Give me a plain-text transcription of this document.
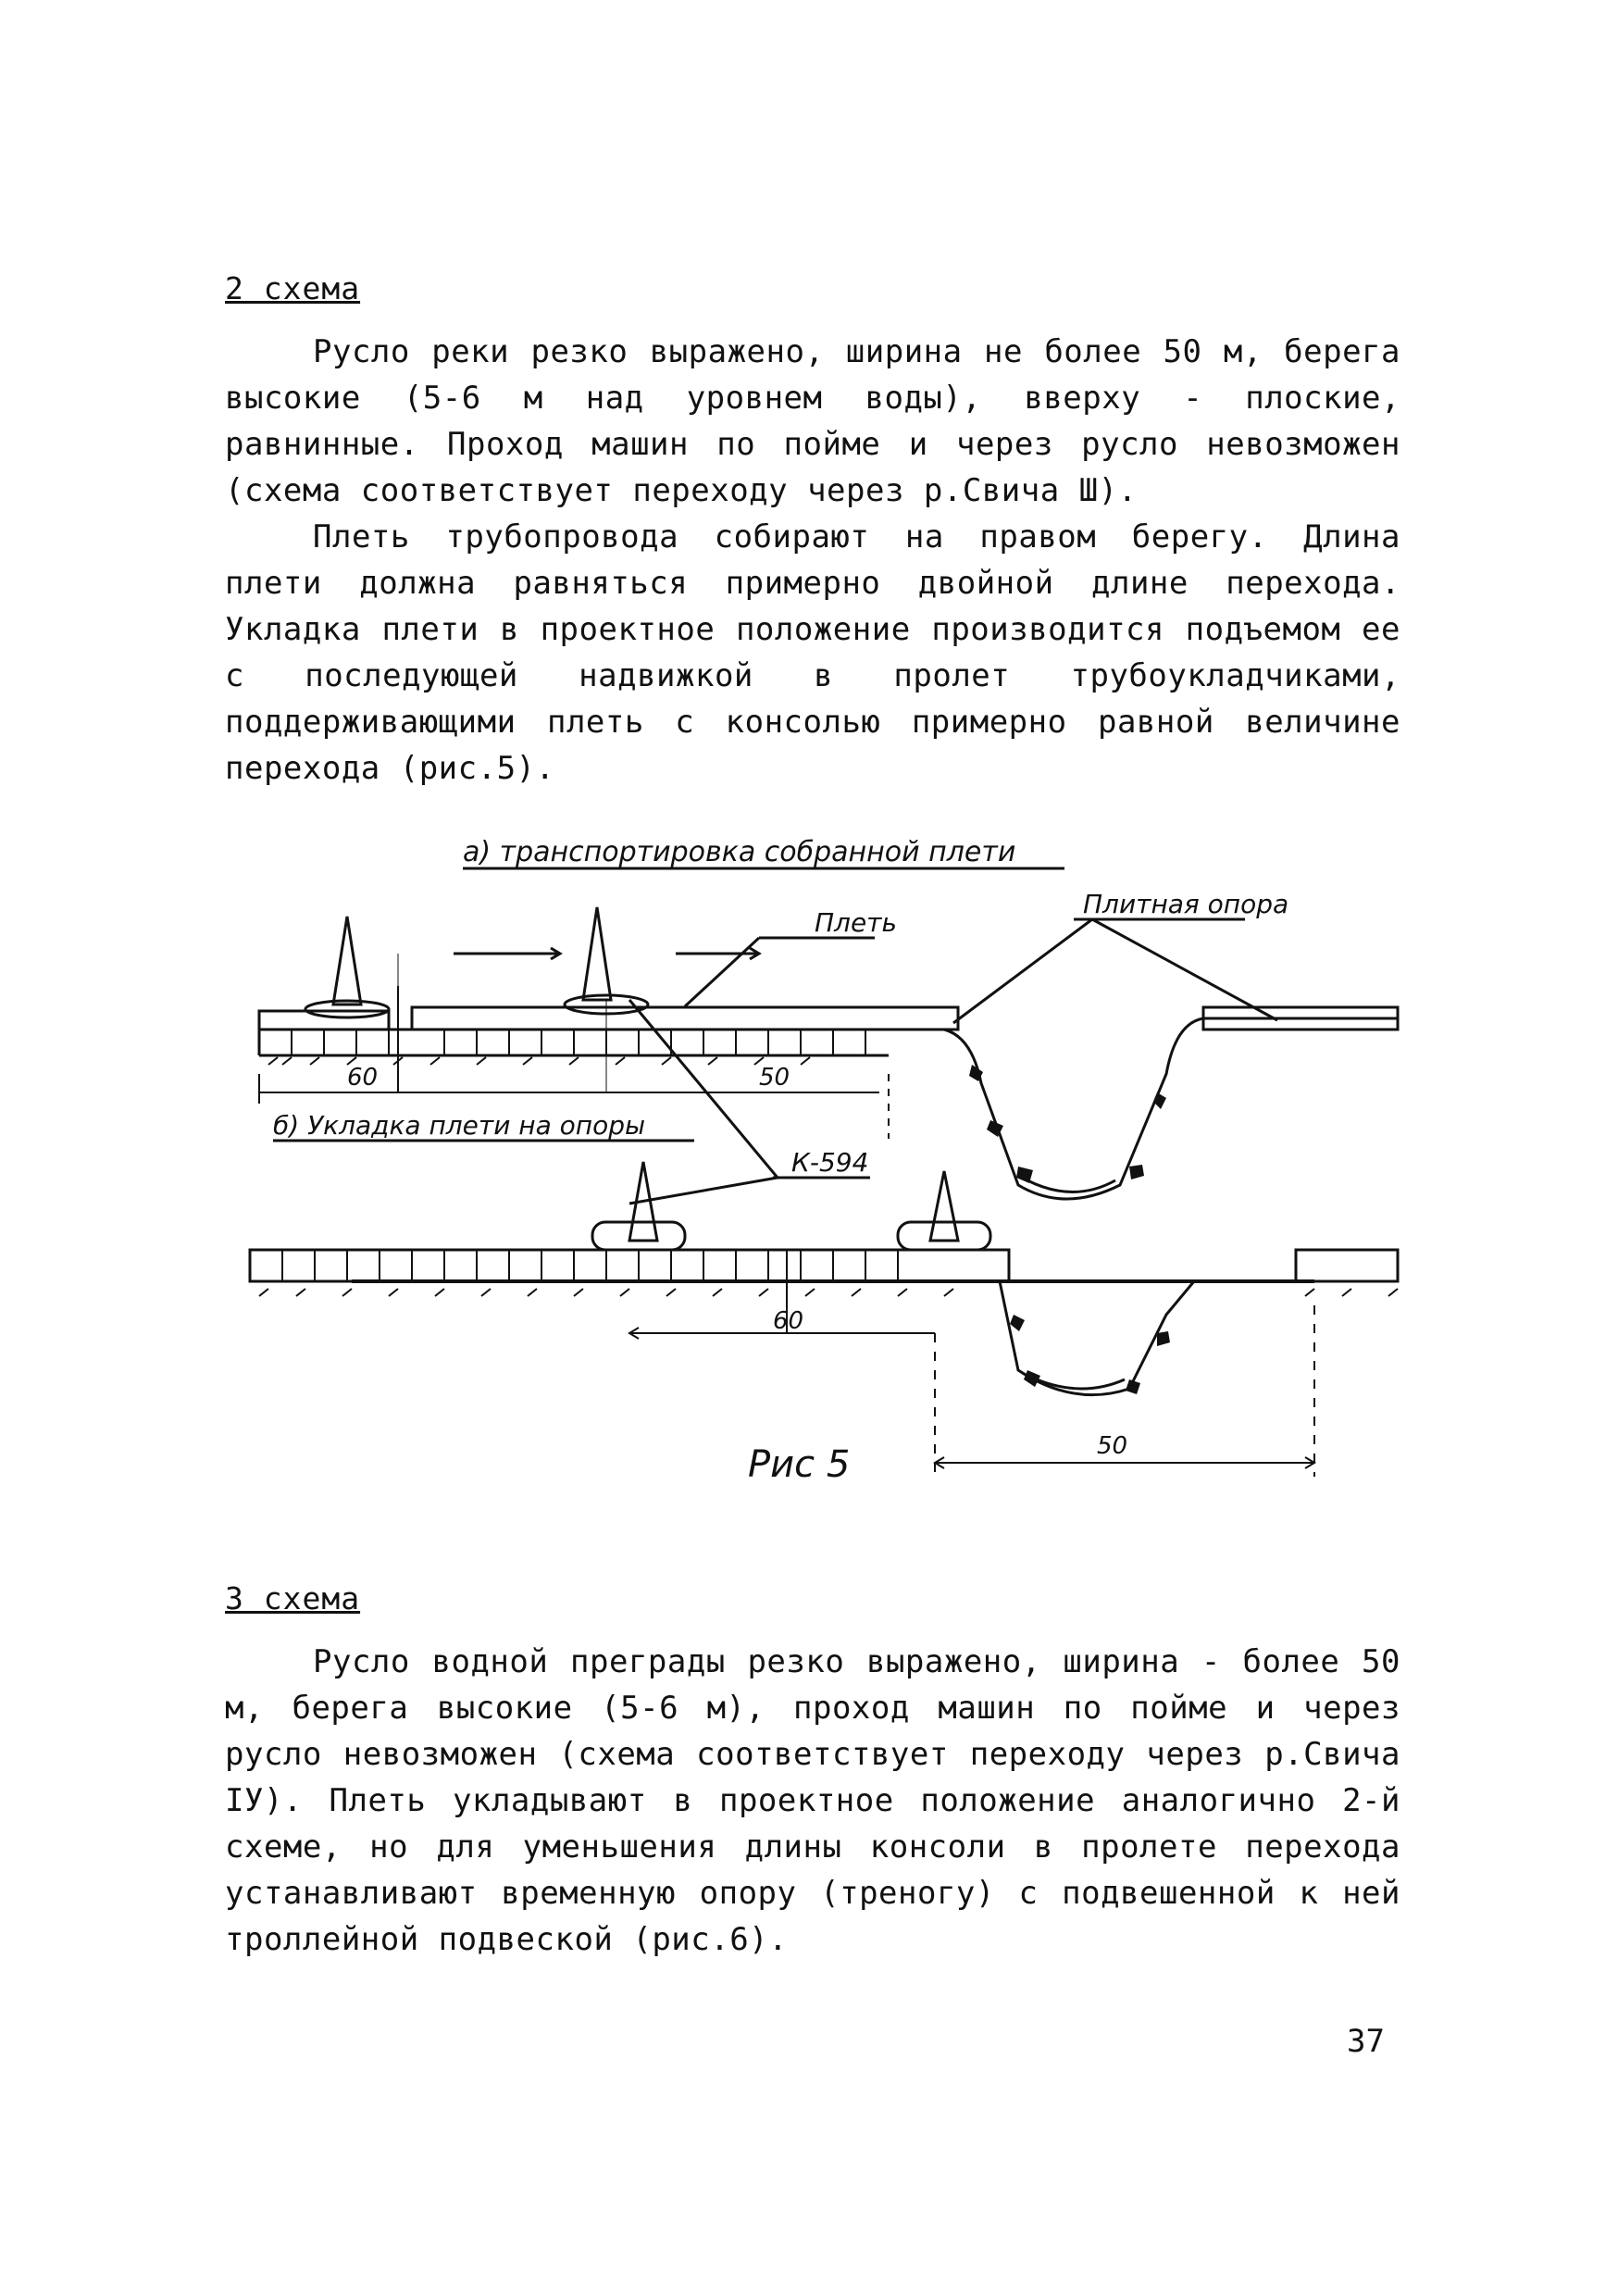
2 схема
Русло реки резко выражено, ширина не более 50 м, берега высокие (5-6 м над уровнем воды), вверху - плоские, равнинные. Проход машин по пойме и через русло невозможен (схема соответствует переходу через р.Свича Ш).
Плеть трубопровода собирают на правом берегу. Длина плети должна равняться примерно двойной длине перехода. Укладка плети в проектное положение производится подъемом ее с последующей надвижкой в пролет трубоукладчиками, поддерживающими плеть с консолью примерно равной величине перехода (рис.5).
а) транспортировка собранной плети
Плеть
Плитная опора
60	50
б) Укладка плети на опоры
К-594
60
50
Рис 5
3 схема
Русло водной преграды резко выражено, ширина - более 50 м, берега высокие (5-6 м), проход машин по пойме и через русло невозможен (схема соответствует переходу через р.Свича IУ). Плеть укладывают в проектное положение аналогично 2-й схеме, но для уменьшения длины консоли в пролете перехода устанавливают временную опору (треногу) с подвешенной к ней троллейной подвеской (рис.6).
37
